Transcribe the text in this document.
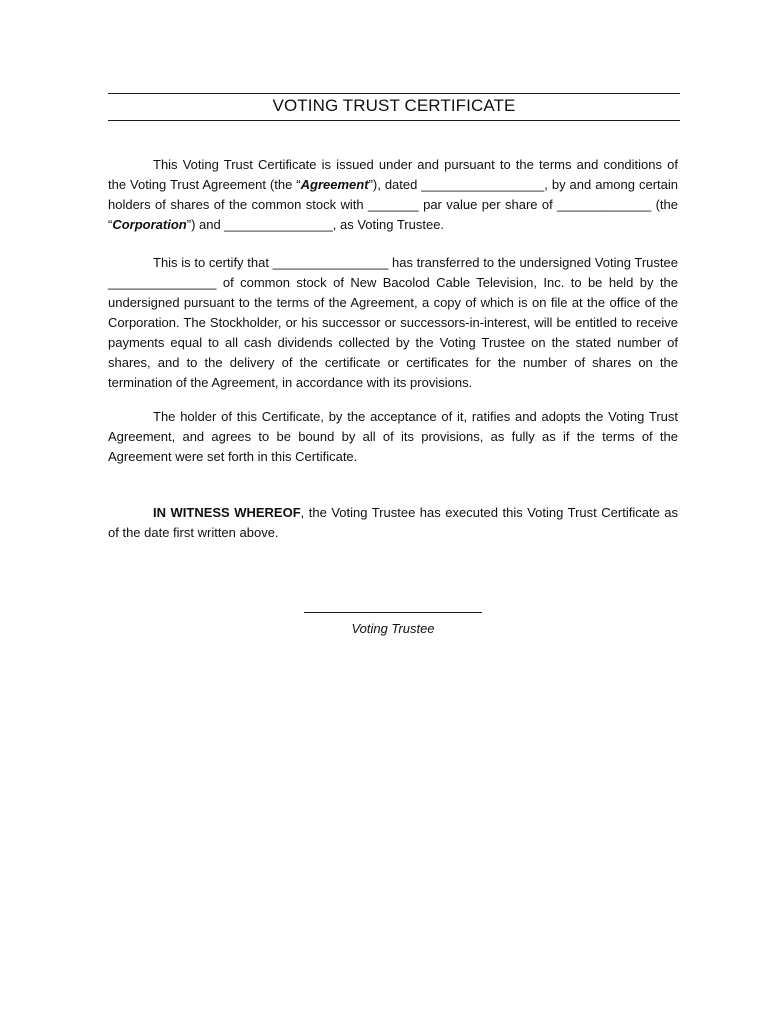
VOTING TRUST CERTIFICATE

This Voting Trust Certificate is issued under and pursuant to the terms and conditions of the Voting Trust Agreement (the “Agreement”), dated _________________, by and among certain holders of shares of the common stock with _______ par value per share of _____________ (the “Corporation”) and _______________, as Voting Trustee.

This is to certify that ________________ has transferred to the undersigned Voting Trustee _______________ of common stock of New Bacolod Cable Television, Inc. to be held by the undersigned pursuant to the terms of the Agreement, a copy of which is on file at the office of the Corporation. The Stockholder, or his successor or successors-in-interest, will be entitled to receive payments equal to all cash dividends collected by the Voting Trustee on the stated number of shares, and to the delivery of the certificate or certificates for the number of shares on the termination of the Agreement, in accordance with its provisions.

The holder of this Certificate, by the acceptance of it, ratifies and adopts the Voting Trust Agreement, and agrees to be bound by all of its provisions, as fully as if the terms of the Agreement were set forth in this Certificate.

IN WITNESS WHEREOF, the Voting Trustee has executed this Voting Trust Certificate as of the date first written above.

Voting Trustee
